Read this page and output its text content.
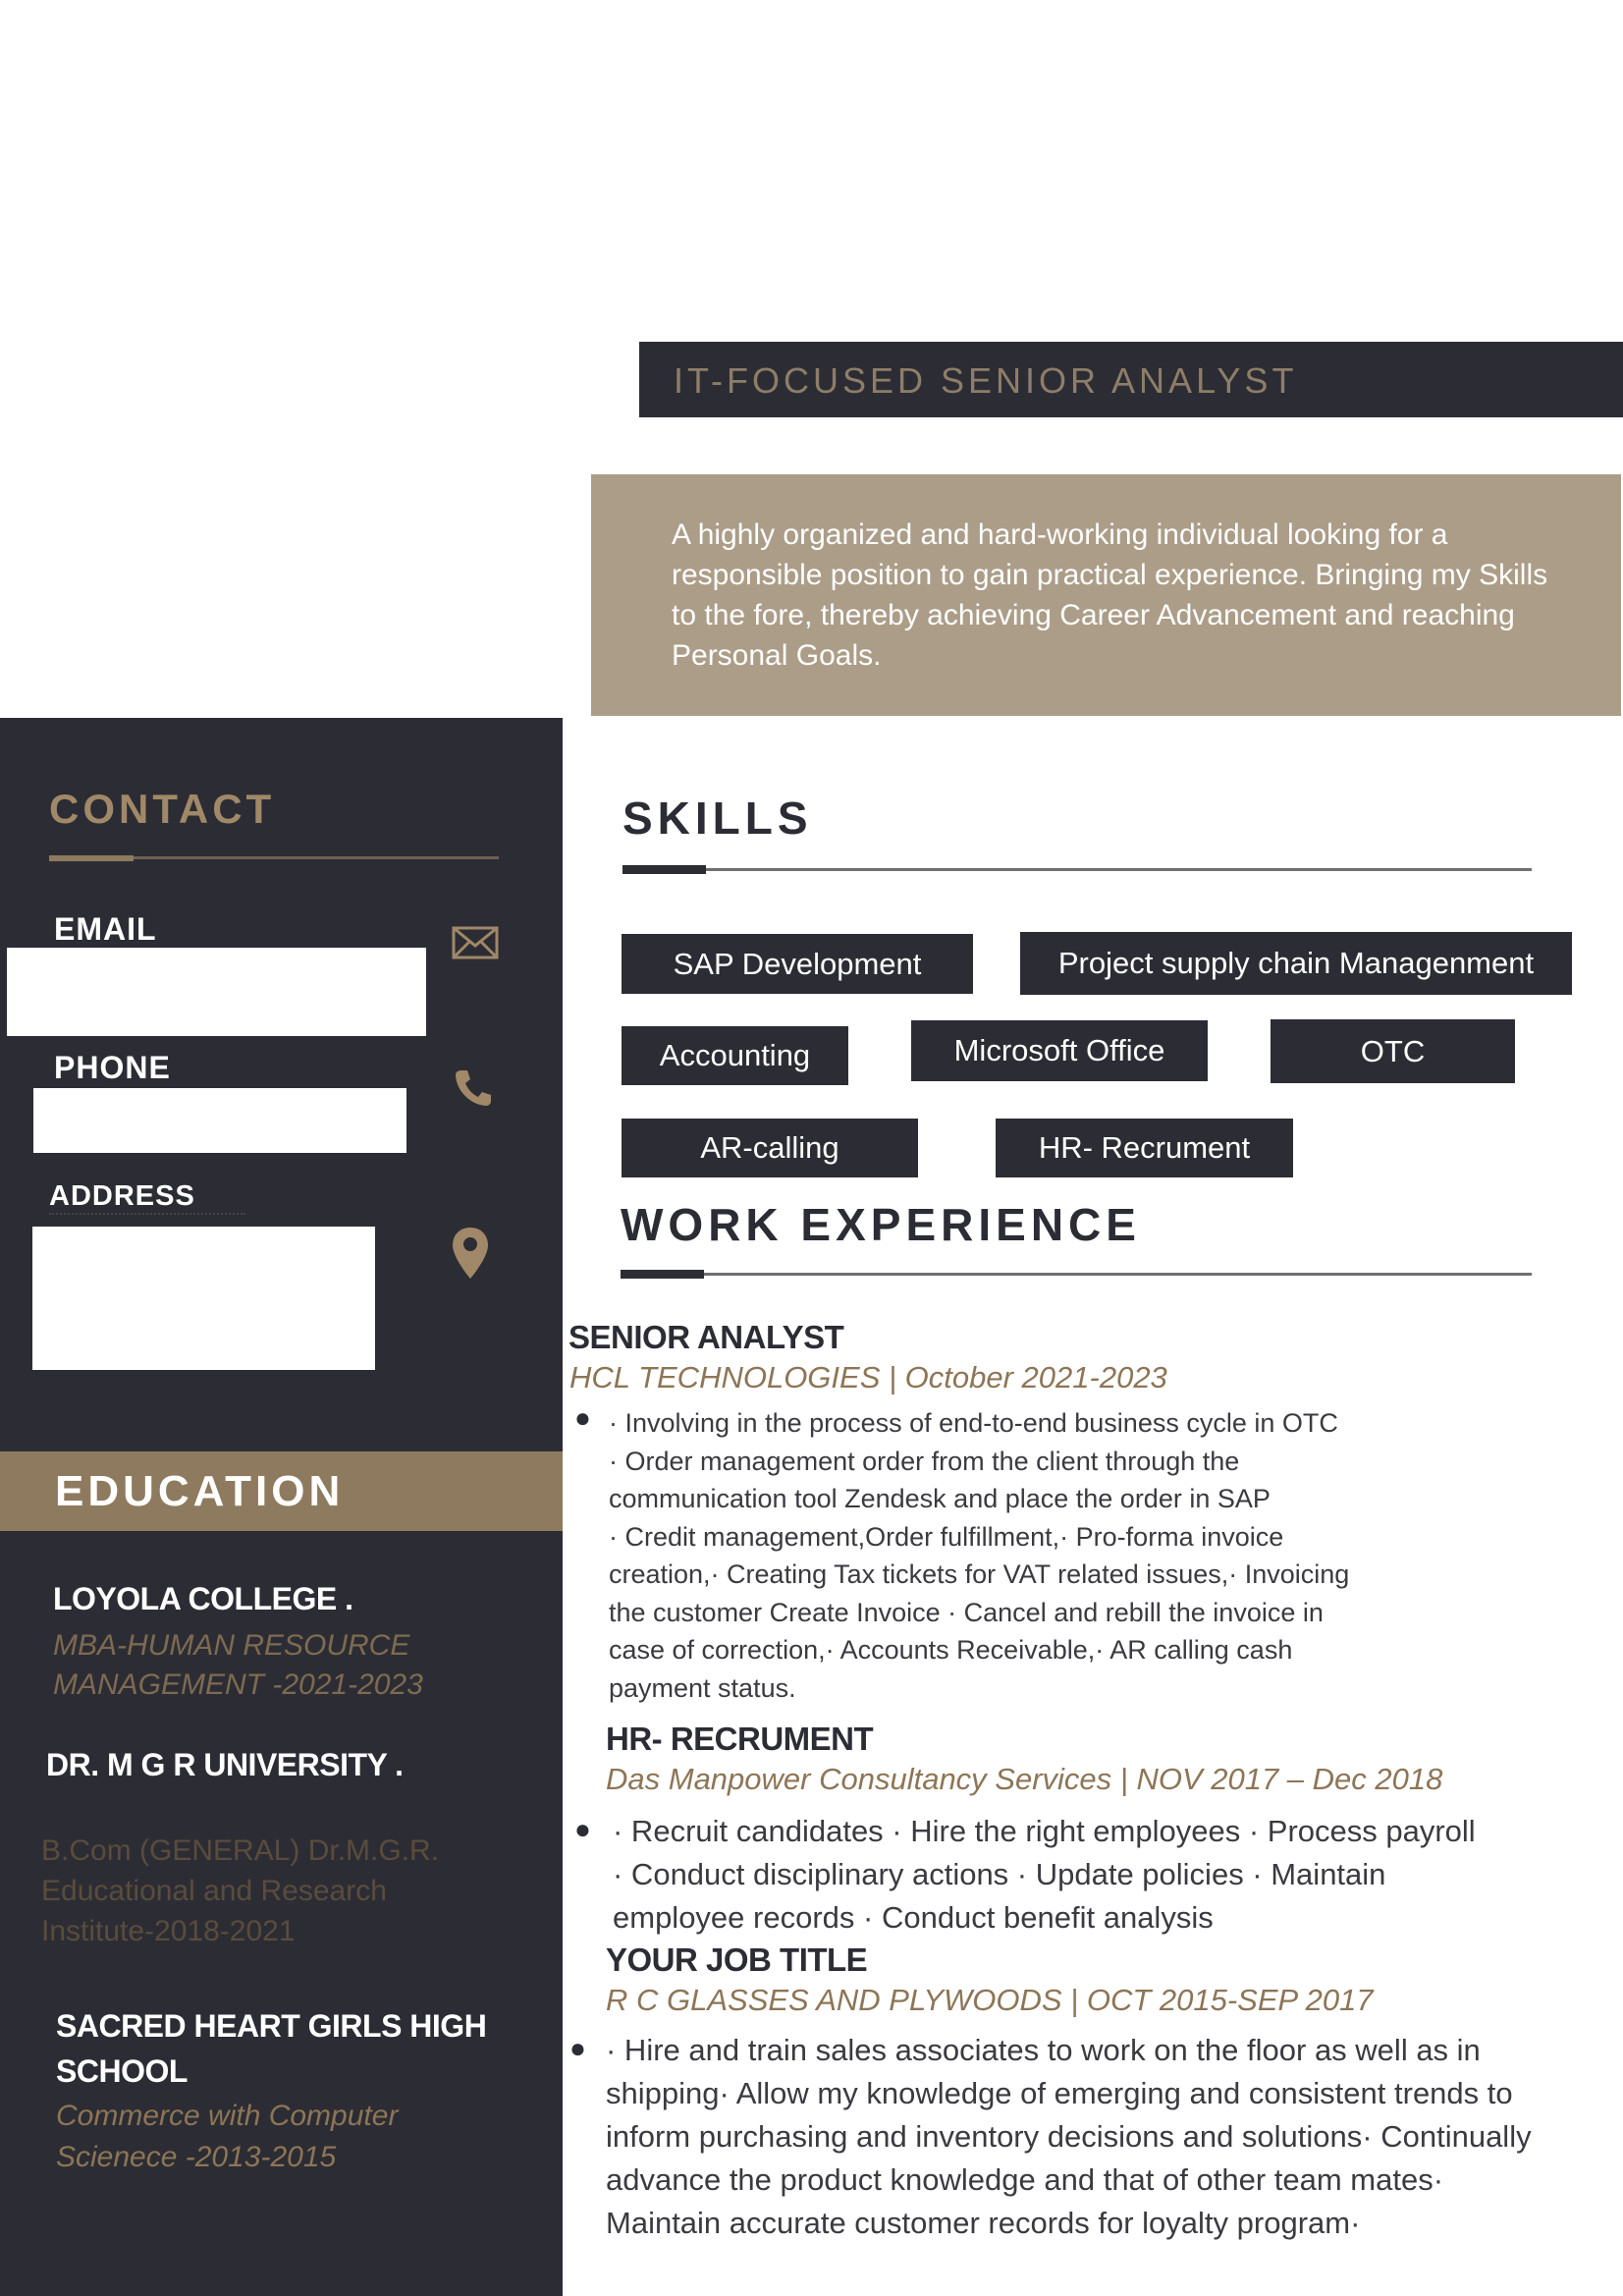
IT-FOCUSED SENIOR ANALYST
A highly organized and hard-working individual looking for a responsible position to gain practical experience. Bringing my Skills to the fore, thereby achieving Career Advancement and reaching Personal Goals.
CONTACT
EMAIL
PHONE
ADDRESS
EDUCATION
LOYOLA COLLEGE .
MBA-HUMAN RESOURCE MANAGEMENT -2021-2023
DR. M G R UNIVERSITY .
B.Com (GENERAL) Dr.M.G.R. Educational and Research Institute-2018-2021
SACRED HEART GIRLS HIGH SCHOOL
Commerce with Computer Scienece -2013-2015
SKILLS
SAP Development	Project supply chain Managenment
Accounting	Microsoft Office	OTC
AR-calling	HR- Recrument
WORK EXPERIENCE
SENIOR ANALYST
HCL TECHNOLOGIES | October 2021-2023
● · Involving in the process of end-to-end business cycle in OTC
· Order management order from the client through the
communication tool Zendesk and place the order in SAP
· Credit management,Order fulfillment,· Pro-forma invoice
creation,· Creating Tax tickets for VAT related issues,· Invoicing
the customer Create Invoice · Cancel and rebill the invoice in
case of correction,· Accounts Receivable,· AR calling cash
payment status.
HR- RECRUMENT
Das Manpower Consultancy Services | NOV 2017 – Dec 2018
● · Recruit candidates · Hire the right employees · Process payroll · Conduct disciplinary actions · Update policies · Maintain employee records · Conduct benefit analysis
YOUR JOB TITLE
R C GLASSES AND PLYWOODS | OCT 2015-SEP 2017
● · Hire and train sales associates to work on the floor as well as in shipping· Allow my knowledge of emerging and consistent trends to inform purchasing and inventory decisions and solutions· Continually advance the product knowledge and that of other team mates· Maintain accurate customer records for loyalty program·
